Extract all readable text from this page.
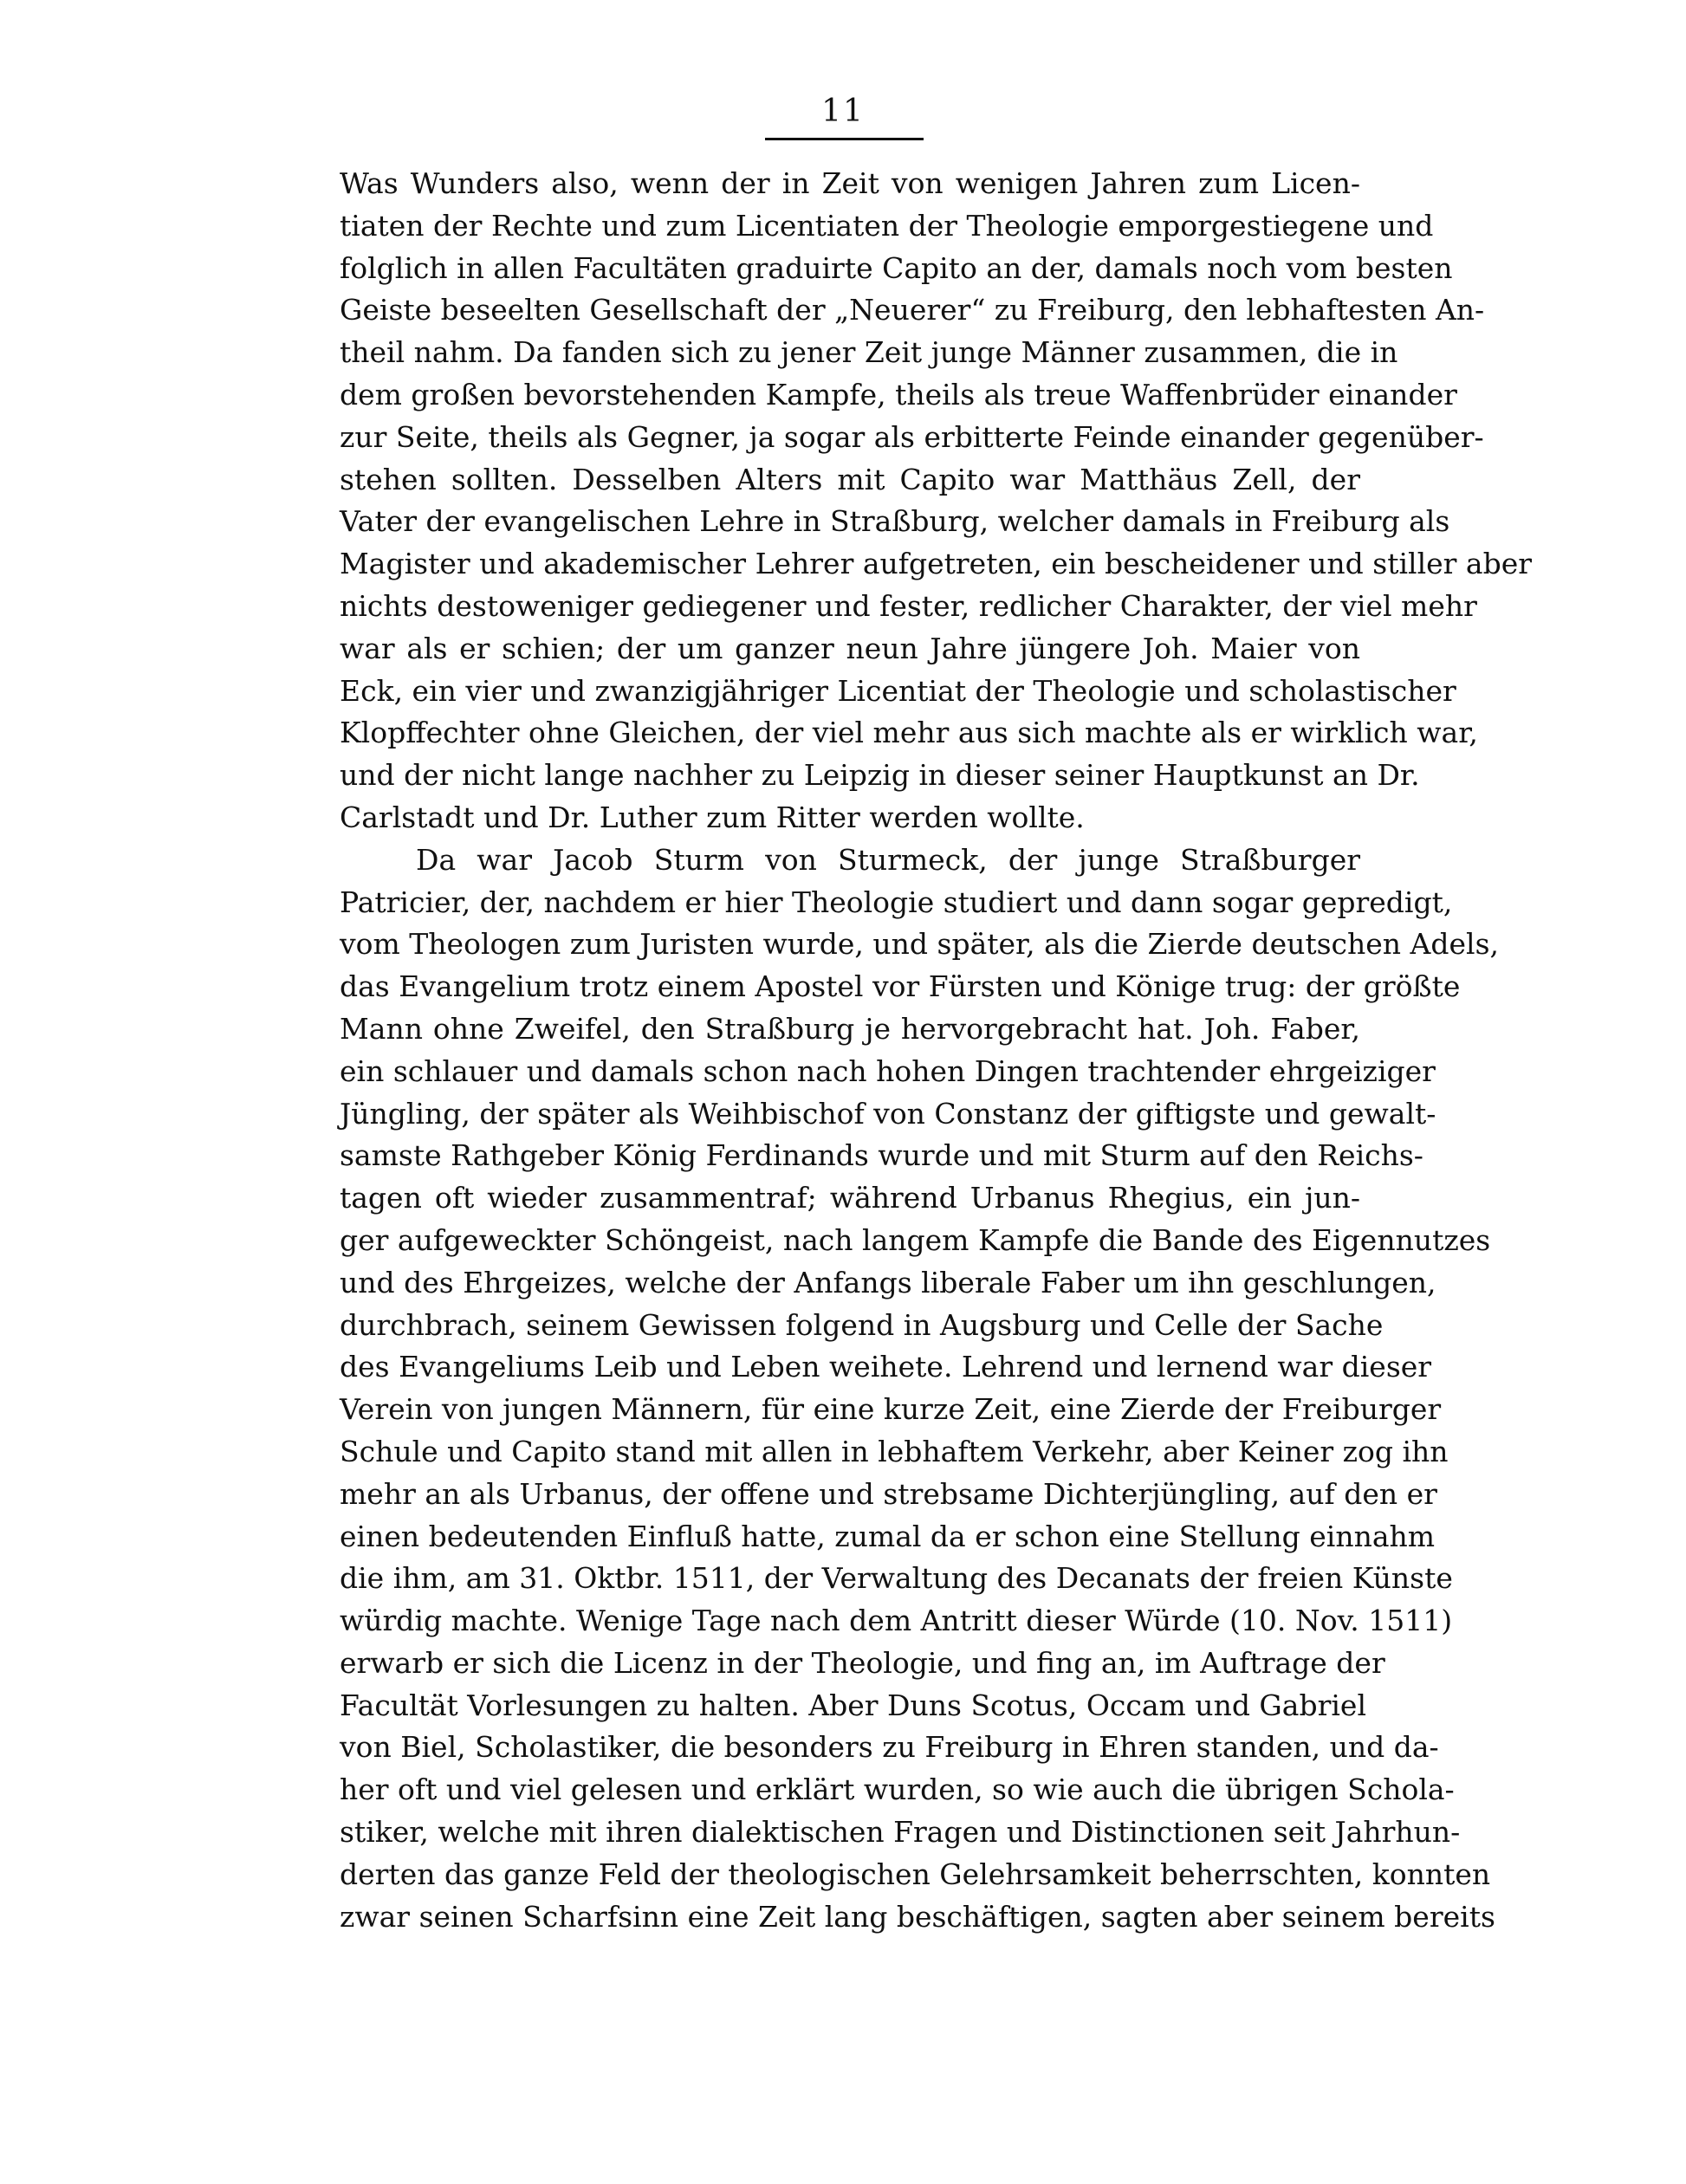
11
Was Wunders also, wenn der in Zeit von wenigen Jahren zum Licen-
tiaten der Rechte und zum Licentiaten der Theologie emporgestiegene und
folglich in allen Facultäten graduirte Capito an der, damals noch vom besten
Geiste beseelten Gesellschaft der „Neuerer“ zu Freiburg, den lebhaftesten An-
theil nahm. Da fanden sich zu jener Zeit junge Männer zusammen, die in
dem großen bevorstehenden Kampfe, theils als treue Waffenbrüder einander
zur Seite, theils als Gegner, ja sogar als erbitterte Feinde einander gegenüber-
stehen sollten. Desselben Alters mit Capito war Matthäus Zell, der
Vater der evangelischen Lehre in Straßburg, welcher damals in Freiburg als
Magister und akademischer Lehrer aufgetreten, ein bescheidener und stiller aber
nichts destoweniger gediegener und fester, redlicher Charakter, der viel mehr
war als er schien; der um ganzer neun Jahre jüngere Joh. Maier von
Eck, ein vier und zwanzigjähriger Licentiat der Theologie und scholastischer
Klopffechter ohne Gleichen, der viel mehr aus sich machte als er wirklich war,
und der nicht lange nachher zu Leipzig in dieser seiner Hauptkunst an Dr.
Carlstadt und Dr. Luther zum Ritter werden wollte.
Da war Jacob Sturm von Sturmeck, der junge Straßburger
Patricier, der, nachdem er hier Theologie studiert und dann sogar gepredigt,
vom Theologen zum Juristen wurde, und später, als die Zierde deutschen Adels,
das Evangelium trotz einem Apostel vor Fürsten und Könige trug: der größte
Mann ohne Zweifel, den Straßburg je hervorgebracht hat. Joh. Faber,
ein schlauer und damals schon nach hohen Dingen trachtender ehrgeiziger
Jüngling, der später als Weihbischof von Constanz der giftigste und gewalt-
samste Rathgeber König Ferdinands wurde und mit Sturm auf den Reichs-
tagen oft wieder zusammentraf; während Urbanus Rhegius, ein jun-
ger aufgeweckter Schöngeist, nach langem Kampfe die Bande des Eigennutzes
und des Ehrgeizes, welche der Anfangs liberale Faber um ihn geschlungen,
durchbrach, seinem Gewissen folgend in Augsburg und Celle der Sache
des Evangeliums Leib und Leben weihete. Lehrend und lernend war dieser
Verein von jungen Männern, für eine kurze Zeit, eine Zierde der Freiburger
Schule und Capito stand mit allen in lebhaftem Verkehr, aber Keiner zog ihn
mehr an als Urbanus, der offene und strebsame Dichterjüngling, auf den er
einen bedeutenden Einfluß hatte, zumal da er schon eine Stellung einnahm
die ihm, am 31. Oktbr. 1511, der Verwaltung des Decanats der freien Künste
würdig machte. Wenige Tage nach dem Antritt dieser Würde (10. Nov. 1511)
erwarb er sich die Licenz in der Theologie, und fing an, im Auftrage der
Facultät Vorlesungen zu halten. Aber Duns Scotus, Occam und Gabriel
von Biel, Scholastiker, die besonders zu Freiburg in Ehren standen, und da-
her oft und viel gelesen und erklärt wurden, so wie auch die übrigen Schola-
stiker, welche mit ihren dialektischen Fragen und Distinctionen seit Jahrhun-
derten das ganze Feld der theologischen Gelehrsamkeit beherrschten, konnten
zwar seinen Scharfsinn eine Zeit lang beschäftigen, sagten aber seinem bereits
